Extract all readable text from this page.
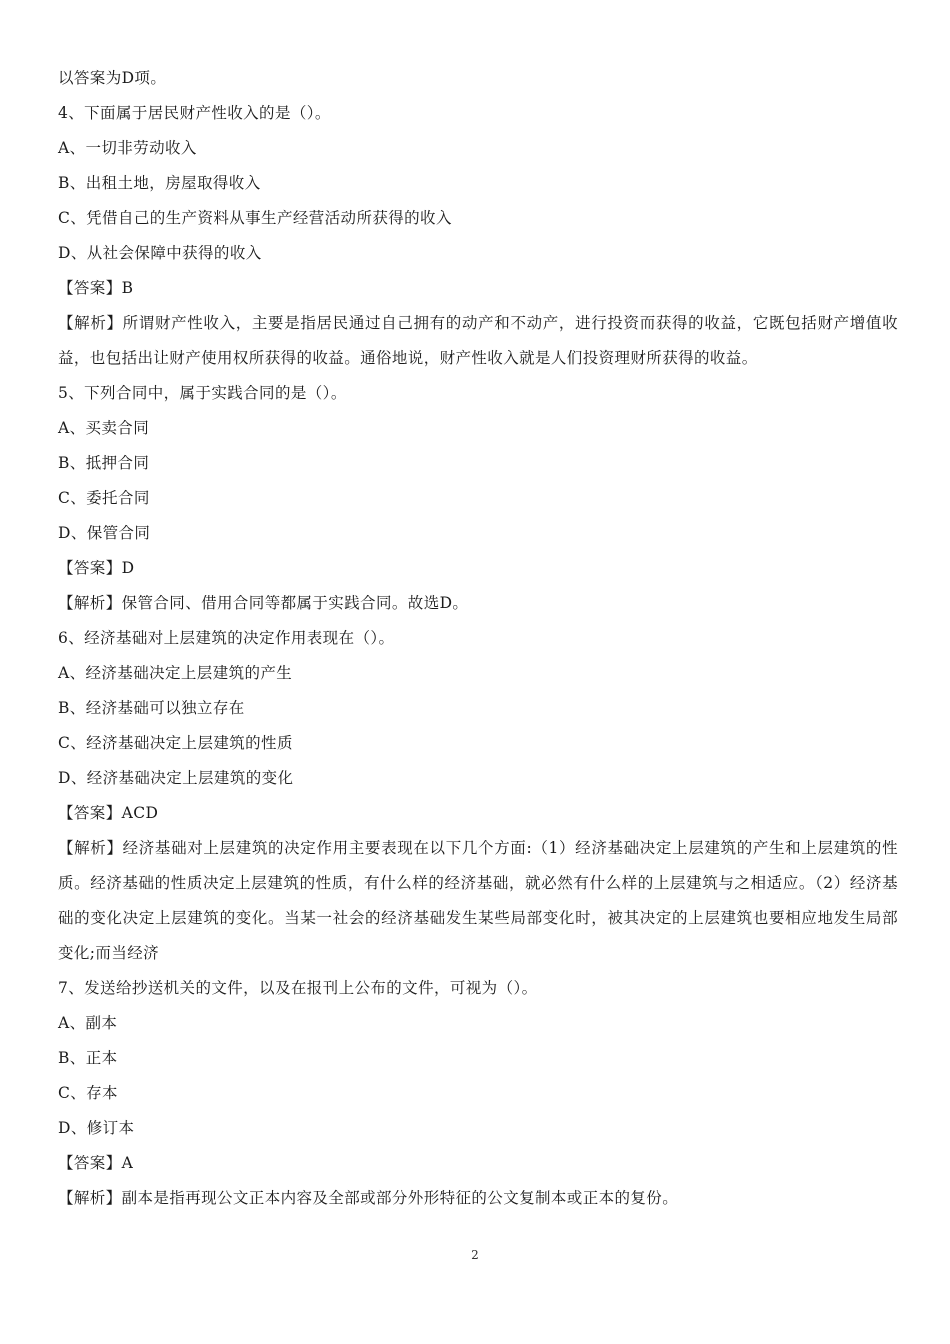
以答案为D项。
4、下面属于居民财产性收入的是（）。
A、一切非劳动收入
B、出租土地，房屋取得收入
C、凭借自己的生产资料从事生产经营活动所获得的收入
D、从社会保障中获得的收入
【答案】B
【解析】所谓财产性收入，主要是指居民通过自己拥有的动产和不动产，进行投资而获得的收益，它既包括财产增值收益，也包括出让财产使用权所获得的收益。通俗地说，财产性收入就是人们投资理财所获得的收益。
5、下列合同中，属于实践合同的是（）。
A、买卖合同
B、抵押合同
C、委托合同
D、保管合同
【答案】D
【解析】保管合同、借用合同等都属于实践合同。故选D。
6、经济基础对上层建筑的决定作用表现在（）。
A、经济基础决定上层建筑的产生
B、经济基础可以独立存在
C、经济基础决定上层建筑的性质
D、经济基础决定上层建筑的变化
【答案】ACD
【解析】经济基础对上层建筑的决定作用主要表现在以下几个方面:（1）经济基础决定上层建筑的产生和上层建筑的性质。经济基础的性质决定上层建筑的性质，有什么样的经济基础，就必然有什么样的上层建筑与之相适应。（2）经济基础的变化决定上层建筑的变化。当某一社会的经济基础发生某些局部变化时，被其决定的上层建筑也要相应地发生局部变化;而当经济
7、发送给抄送机关的文件，以及在报刊上公布的文件，可视为（）。
A、副本
B、正本
C、存本
D、修订本
【答案】A
【解析】副本是指再现公文正本内容及全部或部分外形特征的公文复制本或正本的复份。
2
